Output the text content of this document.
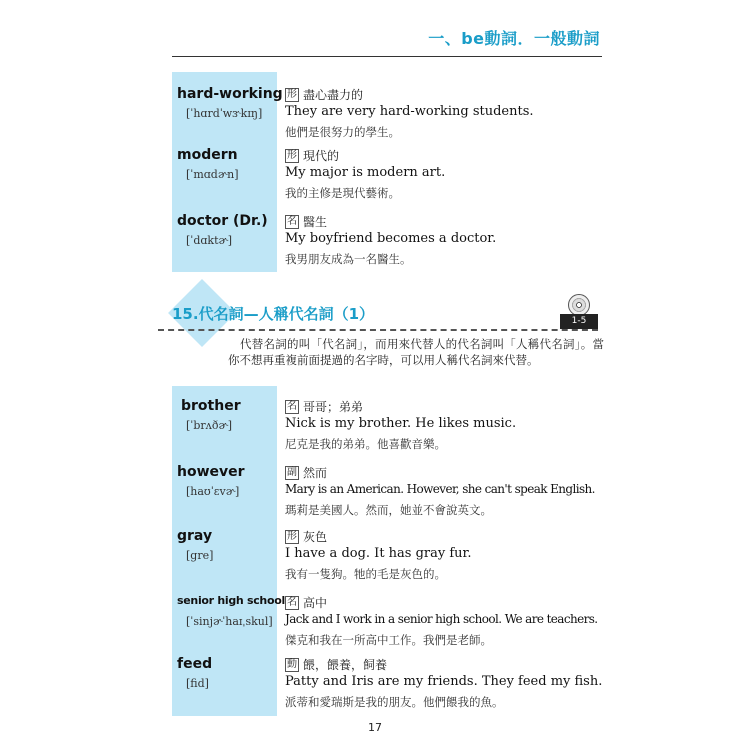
一、be動詞．一般動詞
hard-working
[ˈhɑrdˈwɝkɪŋ]
形 盡心盡力的
They are very hard-working students.
他們是很努力的學生。
modern
[ˈmɑdɚn]
形 現代的
My major is modern art.
我的主修是現代藝術。
doctor (Dr.)
[ˈdɑktɚ]
名 醫生
My boyfriend becomes a doctor.
我男朋友成為一名醫生。
15.代名詞—人稱代名詞（1）	1-5
代替名詞的叫「代名詞」，而用來代替人的代名詞叫「人稱代名詞」。當你不想再重複前面提過的名字時，可以用人稱代名詞來代替。
brother
[ˈbrʌðɚ]
名 哥哥；弟弟
Nick is my brother. He likes music.
尼克是我的弟弟。他喜歡音樂。
however
[haʊˈɛvɚ]
副 然而
Mary is an American. However, she can't speak English.
瑪莉是美國人。然而，她並不會說英文。
gray
[gre]
形 灰色
I have a dog. It has gray fur.
我有一隻狗。牠的毛是灰色的。
senior high school
[ˈsinjɚˈhaɪˌskul]
名 高中
Jack and I work in a senior high school. We are teachers.
傑克和我在一所高中工作。我們是老師。
feed
[fid]
動 餵，餵養，飼養
Patty and Iris are my friends. They feed my fish.
派蒂和愛瑞斯是我的朋友。他們餵我的魚。
17
